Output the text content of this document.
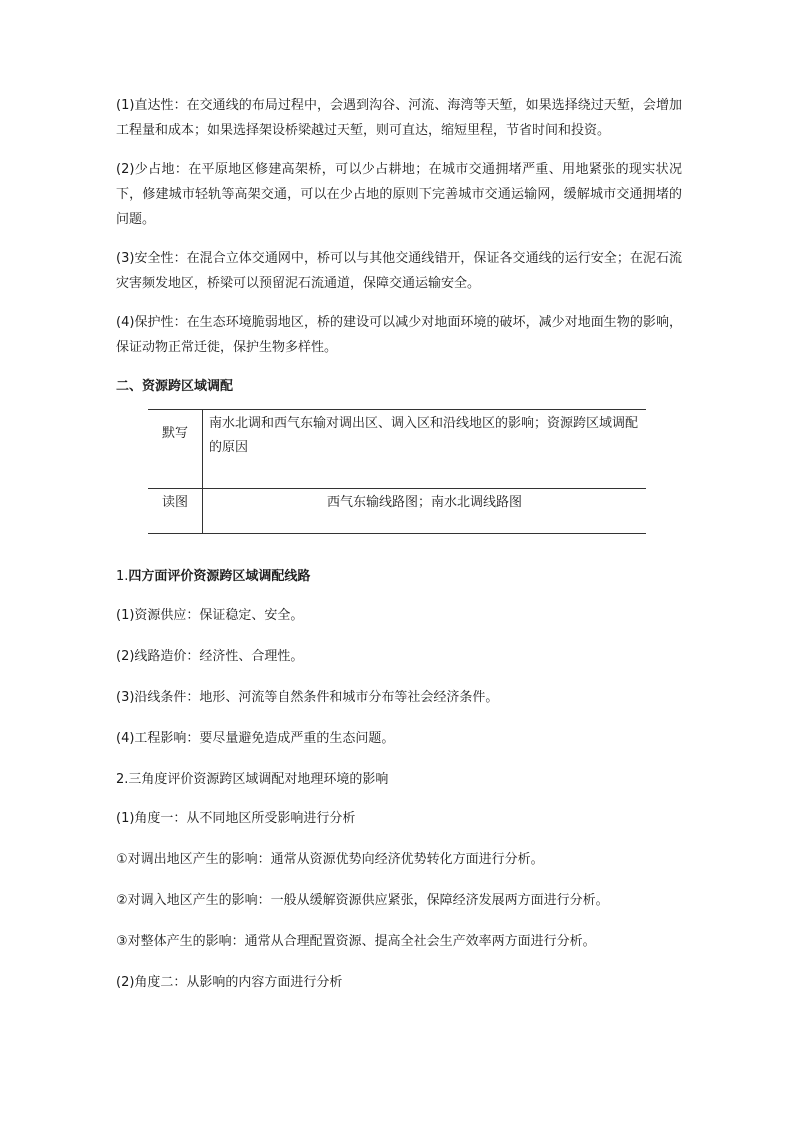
(1)直达性：在交通线的布局过程中，会遇到沟谷、河流、海湾等天堑，如果选择绕过天堑，会增加工程量和成本；如果选择架设桥梁越过天堑，则可直达，缩短里程，节省时间和投资。

(2)少占地：在平原地区修建高架桥，可以少占耕地；在城市交通拥堵严重、用地紧张的现实状况下，修建城市轻轨等高架交通，可以在少占地的原则下完善城市交通运输网，缓解城市交通拥堵的问题。

(3)安全性：在混合立体交通网中，桥可以与其他交通线错开，保证各交通线的运行安全；在泥石流灾害频发地区，桥梁可以预留泥石流通道，保障交通运输安全。

(4)保护性：在生态环境脆弱地区，桥的建设可以减少对地面环境的破坏，减少对地面生物的影响，保证动物正常迁徙，保护生物多样性。

二、资源跨区域调配
默写	南水北调和西气东输对调出区、调入区和沿线地区的影响；资源跨区域调配的原因
读图	西气东输线路图；南水北调线路图
1.四方面评价资源跨区域调配线路
(1)资源供应：保证稳定、安全。
(2)线路造价：经济性、合理性。
(3)沿线条件：地形、河流等自然条件和城市分布等社会经济条件。
(4)工程影响：要尽量避免造成严重的生态问题。
2.三角度评价资源跨区域调配对地理环境的影响
(1)角度一：从不同地区所受影响进行分析
①对调出地区产生的影响：通常从资源优势向经济优势转化方面进行分析。
②对调入地区产生的影响：一般从缓解资源供应紧张，保障经济发展两方面进行分析。
③对整体产生的影响：通常从合理配置资源、提高全社会生产效率两方面进行分析。
(2)角度二：从影响的内容方面进行分析
